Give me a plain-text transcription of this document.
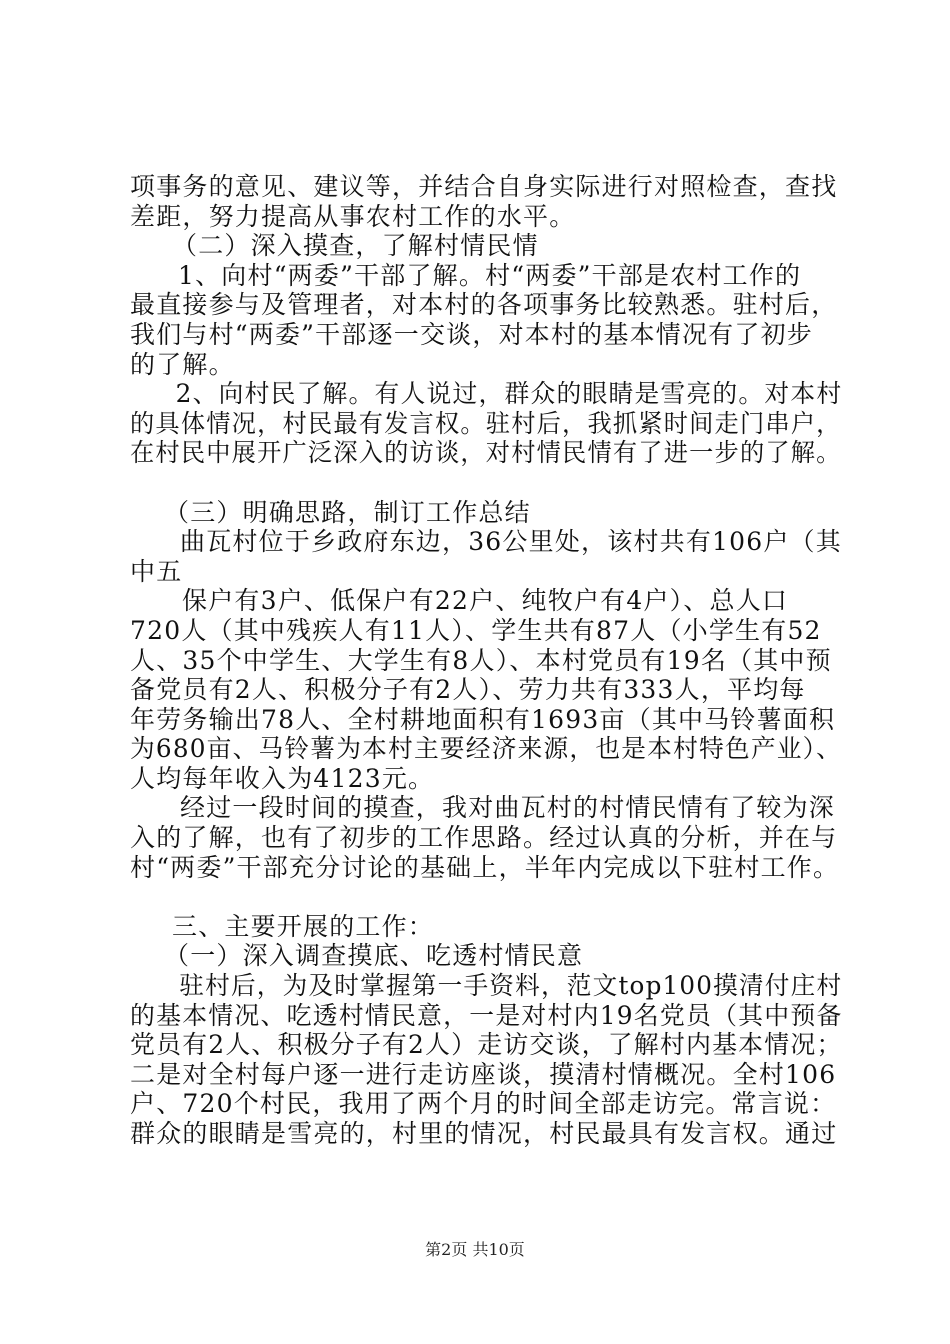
项事务的意见、建议等，并结合自身实际进行对照检查，查找
差距，努力提高从事农村工作的水平。
（二）深入摸查，了解村情民情
1、向村“两委”干部了解。村“两委”干部是农村工作的
最直接参与及管理者，对本村的各项事务比较熟悉。驻村后，
我们与村“两委”干部逐一交谈，对本村的基本情况有了初步
的了解。
2、向村民了解。有人说过，群众的眼睛是雪亮的。对本村
的具体情况，村民最有发言权。驻村后，我抓紧时间走门串户，
在村民中展开广泛深入的访谈，对村情民情有了进一步的了解。
（三）明确思路，制订工作总结
曲瓦村位于乡政府东边，36公里处，该村共有106户（其
中五
保户有3户、低保户有22户、纯牧户有4户）、总人口
720人（其中残疾人有11人）、学生共有87人（小学生有52
人、35个中学生、大学生有8人）、本村党员有19名（其中预
备党员有2人、积极分子有2人）、劳力共有333人，平均每
年劳务输出78人、全村耕地面积有1693亩（其中马铃薯面积
为680亩、马铃薯为本村主要经济来源，也是本村特色产业）、
人均每年收入为4123元。
经过一段时间的摸查，我对曲瓦村的村情民情有了较为深
入的了解，也有了初步的工作思路。经过认真的分析，并在与
村“两委”干部充分讨论的基础上，半年内完成以下驻村工作。
三、主要开展的工作：
（一）深入调查摸底、吃透村情民意
驻村后，为及时掌握第一手资料，范文top100摸清付庄村
的基本情况、吃透村情民意，一是对村内19名党员（其中预备
党员有2人、积极分子有2人）走访交谈，了解村内基本情况；
二是对全村每户逐一进行走访座谈，摸清村情概况。全村106
户、720个村民，我用了两个月的时间全部走访完。常言说：
群众的眼睛是雪亮的，村里的情况，村民最具有发言权。通过
第2页 共10页
